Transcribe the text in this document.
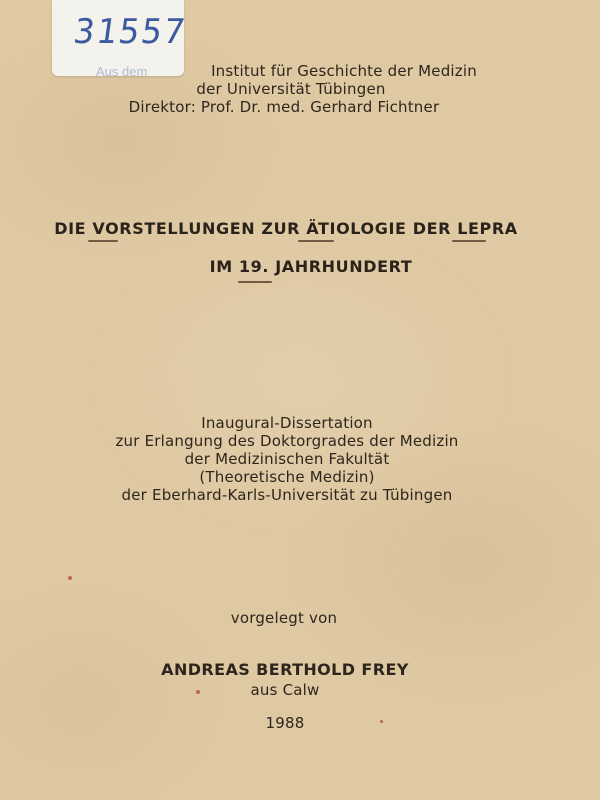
31557
Aus dem	Institut für Geschichte der Medizin
der Universität Tübingen
Direktor: Prof. Dr. med. Gerhard Fichtner
DIE VORSTELLUNGEN ZUR ÄTIOLOGIE DER LEPRA
IM 19. JAHRHUNDERT
Inaugural-Dissertation
zur Erlangung des Doktorgrades der Medizin
der Medizinischen Fakultät
(Theoretische Medizin)
der Eberhard-Karls-Universität zu Tübingen
vorgelegt von
ANDREAS BERTHOLD FREY
aus Calw
1988
